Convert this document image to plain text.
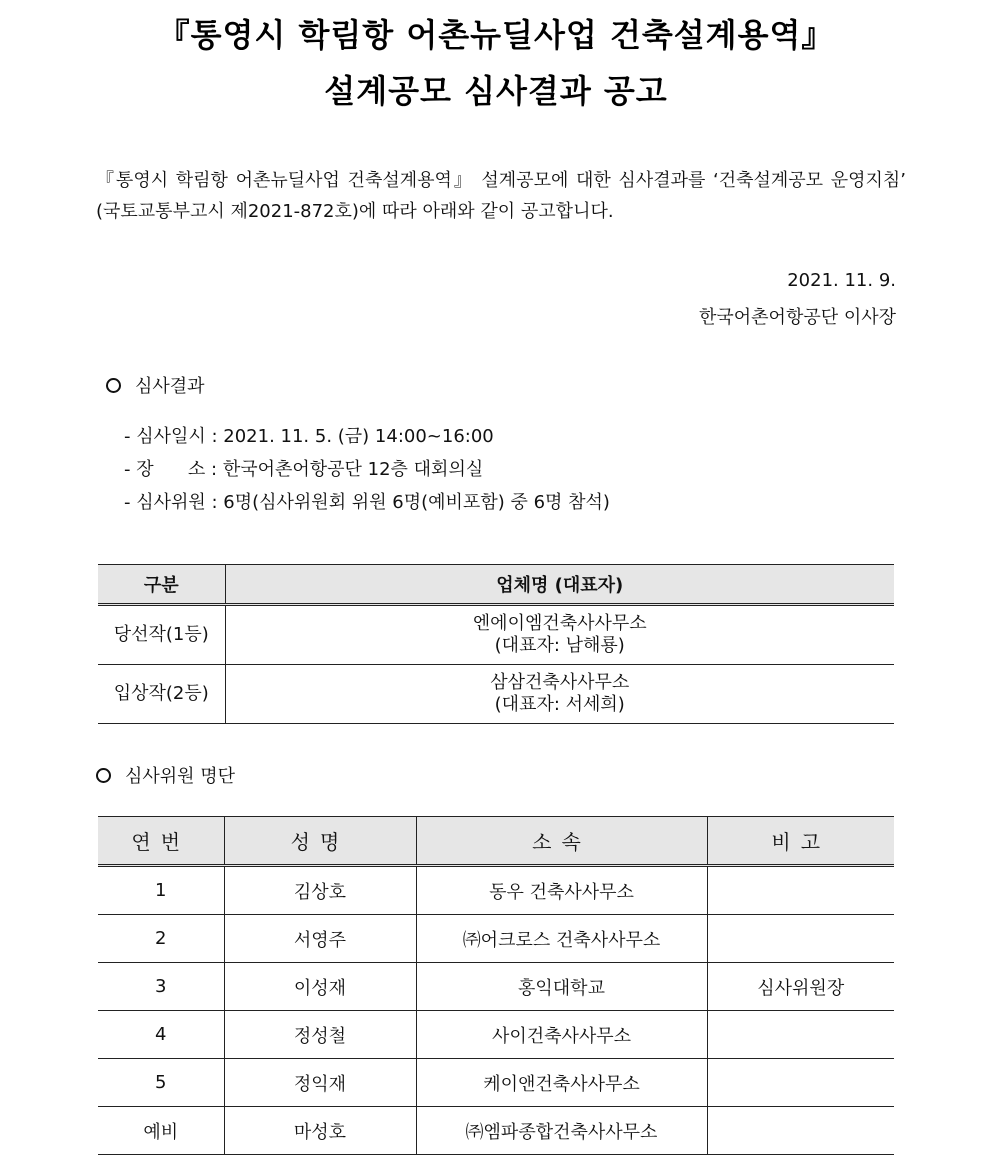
『통영시 학림항 어촌뉴딜사업 건축설계용역』
설계공모 심사결과 공고
『통영시 학림항 어촌뉴딜사업 건축설계용역』 설계공모에 대한 심사결과를 ‘건축설계공모 운영지침’ (국토교통부고시 제2021-872호)에 따라 아래와 같이 공고합니다.
2021. 11. 9.
한국어촌어항공단 이사장
심사결과
- 심사일시 : 2021. 11. 5. (금) 14:00~16:00
- 장      소 : 한국어촌어항공단 12층 대회의실
- 심사위원 : 6명(심사위원회 위원 6명(예비포함) 중 6명 참석)
구분	업체명 (대표자)
당선작(1등)	엔에이엠건축사사무소
(대표자: 남해룡)

입상작(2등)	삼삼건축사사무소
(대표자: 서세희)
심사위원 명단
연번	성명	소속	비고
1	김상호	동우 건축사사무소	
2	서영주	㈜어크로스 건축사사무소	
3	이성재	홍익대학교	심사위원장
4	정성철	사이건축사사무소	
5	정익재	케이앤건축사사무소	
예비	마성호	㈜엠파종합건축사사무소	
